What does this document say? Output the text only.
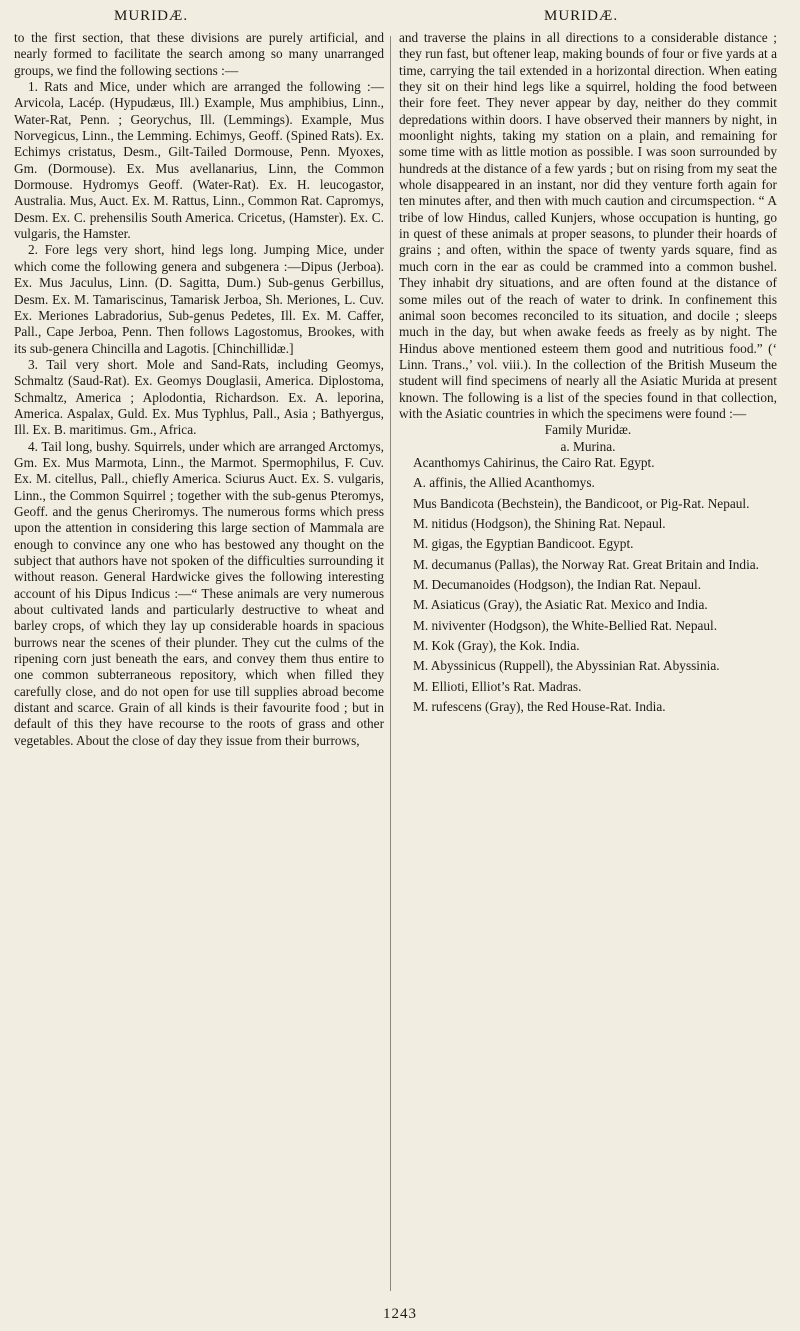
MURIDÆ.	MURIDÆ.

to the first section, that these divisions are purely artificial, and nearly formed to facilitate the search among so many unarranged groups, we find the following sections :—

1. Rats and Mice, under which are arranged the following :—Arvicola, Lacép. (Hypudæus, Ill.) Example, Mus amphibius, Linn., Water-Rat, Penn. ; Georychus, Ill. (Lemmings). Example, Mus Norvegicus, Linn., the Lemming. Echimys, Geoff. (Spined Rats). Ex. Echimys cristatus, Desm., Gilt-Tailed Dormouse, Penn. Myoxes, Gm. (Dormouse). Ex. Mus avellanarius, Linn, the Common Dormouse. Hydromys Geoff. (Water-Rat). Ex. H. leucogastor, Australia. Mus, Auct. Ex. M. Rattus, Linn., Common Rat. Capromys, Desm. Ex. C. prehensilis South America. Cricetus, (Hamster). Ex. C. vulgaris, the Hamster.

2. Fore legs very short, hind legs long. Jumping Mice, under which come the following genera and subgenera :—Dipus (Jerboa). Ex. Mus Jaculus, Linn. (D. Sagitta, Dum.) Sub-genus Gerbillus, Desm. Ex. M. Tamariscinus, Tamarisk Jerboa, Sh. Meriones, L. Cuv. Ex. Meriones Labradorius, Sub-genus Pedetes, Ill. Ex. M. Caffer, Pall., Cape Jerboa, Penn. Then follows Lagostomus, Brookes, with its sub-genera Chincilla and Lagotis. [Chinchillidæ.]

3. Tail very short. Mole and Sand-Rats, including Geomys, Schmaltz (Saud-Rat). Ex. Geomys Douglasii, America. Diplostoma, Schmaltz, America ; Aplodontia, Richardson. Ex. A. leporina, America. Aspalax, Guld. Ex. Mus Typhlus, Pall., Asia ; Bathyergus, Ill. Ex. B. maritimus. Gm., Africa.

4. Tail long, bushy. Squirrels, under which are arranged Arctomys, Gm. Ex. Mus Marmota, Linn., the Marmot. Spermophilus, F. Cuv. Ex. M. citellus, Pall., chiefly America. Sciurus Auct. Ex. S. vulgaris, Linn., the Common Squirrel ; together with the sub-genus Pteromys, Geoff. and the genus Cheriromys. The numerous forms which press upon the attention in considering this large section of Mammala are enough to convince any one who has bestowed any thought on the subject that authors have not spoken of the difficulties surrounding it without reason. General Hardwicke gives the following interesting account of his Dipus Indicus :—“ These animals are very numerous about cultivated lands and particularly destructive to wheat and barley crops, of which they lay up considerable hoards in spacious burrows near the scenes of their plunder. They cut the culms of the ripening corn just beneath the ears, and convey them thus entire to one common subterraneous repository, which when filled they carefully close, and do not open for use till supplies abroad become distant and scarce. Grain of all kinds is their favourite food ; but in default of this they have recourse to the roots of grass and other vegetables. About the close of day they issue from their burrows,

and traverse the plains in all directions to a considerable distance ; they run fast, but oftener leap, making bounds of four or five yards at a time, carrying the tail extended in a horizontal direction. When eating they sit on their hind legs like a squirrel, holding the food between their fore feet. They never appear by day, neither do they commit depredations within doors. I have observed their manners by night, in moonlight nights, taking my station on a plain, and remaining for some time with as little motion as possible. I was soon surrounded by hundreds at the distance of a few yards ; but on rising from my seat the whole disappeared in an instant, nor did they venture forth again for ten minutes after, and then with much caution and circumspection. “ A tribe of low Hindus, called Kunjers, whose occupation is hunting, go in quest of these animals at proper seasons, to plunder their hoards of grains ; and often, within the space of twenty yards square, find as much corn in the ear as could be crammed into a common bushel. They inhabit dry situations, and are often found at the distance of some miles out of the reach of water to drink. In confinement this animal soon becomes reconciled to its situation, and docile ; sleeps much in the day, but when awake feeds as freely as by night. The Hindus above mentioned esteem them good and nutritious food.” (‘ Linn. Trans.,’ vol. viii.). In the collection of the British Museum the student will find specimens of nearly all the Asiatic Murida at present known. The following is a list of the species found in that collection, with the Asiatic countries in which the specimens were found :—

Family Muridæ.

a. Murina.

Acanthomys Cahirinus, the Cairo Rat. Egypt.

A. affinis, the Allied Acanthomys.

Mus Bandicota (Bechstein), the Bandicoot, or Pig-Rat. Nepaul.

M. nitidus (Hodgson), the Shining Rat. Nepaul.

M. gigas, the Egyptian Bandicoot. Egypt.

M. decumanus (Pallas), the Norway Rat. Great Britain and India.

M. Decumanoides (Hodgson), the Indian Rat. Nepaul.

M. Asiaticus (Gray), the Asiatic Rat. Mexico and India.

M. niviventer (Hodgson), the White-Bellied Rat. Nepaul.

M. Kok (Gray), the Kok. India.

M. Abyssinicus (Ruppell), the Abyssinian Rat. Abyssinia.

M. Ellioti, Elliot’s Rat. Madras.

M. rufescens (Gray), the Red House-Rat. India.

1243
